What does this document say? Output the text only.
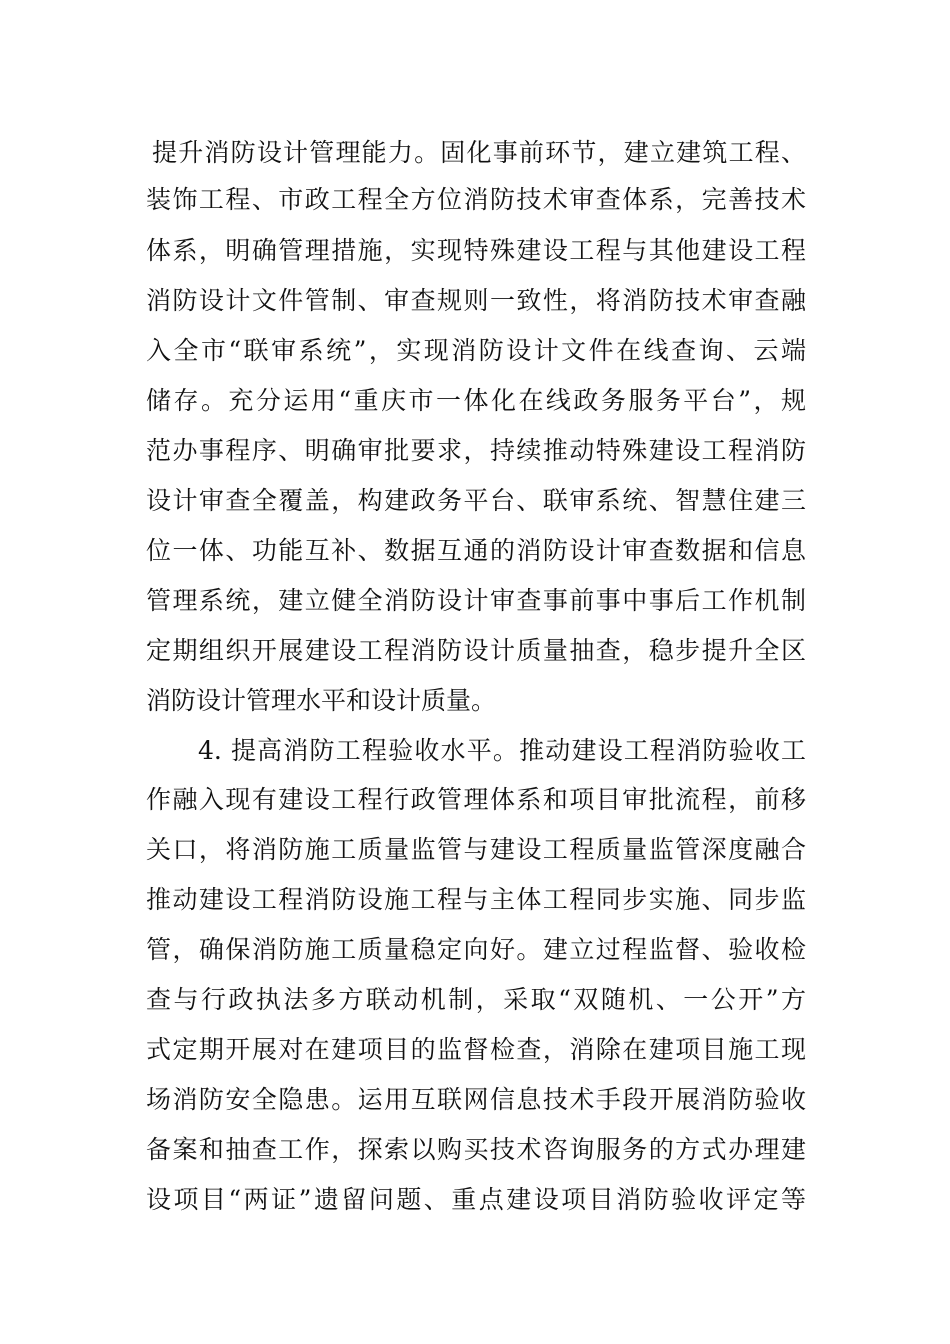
提升消防设计管理能力。固化事前环节，建立建筑工程、
装饰工程、市政工程全方位消防技术审查体系，完善技术
体系，明确管理措施，实现特殊建设工程与其他建设工程
消防设计文件管制、审查规则一致性，将消防技术审查融
入全市“联审系统”，实现消防设计文件在线查询、云端
储存。充分运用“重庆市一体化在线政务服务平台”，规
范办事程序、明确审批要求，持续推动特殊建设工程消防
设计审查全覆盖，构建政务平台、联审系统、智慧住建三
位一体、功能互补、数据互通的消防设计审查数据和信息
管理系统，建立健全消防设计审查事前事中事后工作机制
定期组织开展建设工程消防设计质量抽查，稳步提升全区
消防设计管理水平和设计质量。
4. 提高消防工程验收水平。推动建设工程消防验收工
作融入现有建设工程行政管理体系和项目审批流程，前移
关口，将消防施工质量监管与建设工程质量监管深度融合
推动建设工程消防设施工程与主体工程同步实施、同步监
管，确保消防施工质量稳定向好。建立过程监督、验收检
查与行政执法多方联动机制，采取“双随机、一公开”方
式定期开展对在建项目的监督检查，消除在建项目施工现
场消防安全隐患。运用互联网信息技术手段开展消防验收
备案和抽查工作，探索以购买技术咨询服务的方式办理建
设项目“两证”遗留问题、重点建设项目消防验收评定等
